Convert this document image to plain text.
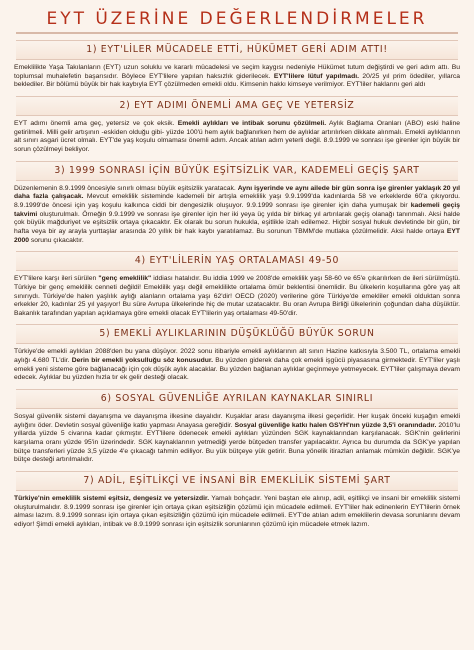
EYT ÜZERİNE DEĞERLENDİRMELER
1) EYT'LİLER MÜCADELE ETTİ, HÜKÜMET GERİ ADIM ATTI!
Emeklilikte Yaşa Takılanların (EYT) uzun soluklu ve kararlı mücadelesi ve seçim kaygısı nedeniyle Hükümet tutum değiştirdi ve geri adım attı. Bu toplumsal muhalefetin başarısıdır. Böylece EYT'lilere yapılan haksızlık giderilecek. EYT'lilere lütuf yapılmadı. 20/25 yıl prim ödediler, yıllarca beklediler. Bir bölümü büyük bir hak kaybıyla EYT çözülmeden emekli oldu. Kimsenin hakkı kimseye verilmiyor. EYT'liler haklarını geri aldı
2) EYT ADIMI ÖNEMLİ AMA GEÇ VE YETERSİZ
EYT adımı önemli ama geç, yetersiz ve çok eksik. Emekli aylıkları ve intibak sorunu çözülmeli. Aylık Bağlama Oranları (ABO) eski haline getirilmeli. Milli gelir artışının -eskiden olduğu gibi- yüzde 100'ü hem aylık bağlanırken hem de aylıklar artırılırken dikkate alınmalı. Emekli aylıklarının alt sınırı asgari ücret olmalı. EYT'de yaş koşulu olmaması önemli adım. Ancak atılan adım yeterli değil. 8.9.1999 ve sonrası işe girenler için büyük bir sorun çözülmeyi bekliyor.
3) 1999 SONRASI İÇİN BÜYÜK EŞİTSİZLİK VAR, KADEMELİ GEÇİŞ ŞART
Düzenlemenin 8.9.1999 öncesiyle sınırlı olması büyük eşitsizlik yaratacak. Aynı işyerinde ve aynı ailede bir gün sonra işe girenler yaklaşık 20 yıl daha fazla çalışacak. Mevcut emeklilik sisteminde kademeli bir artışla emeklilik yaşı 9.9.1999'da kadınlarda 58 ve erkeklerde 60'a çıkıyordu. 8.9.1999'de öncesi için yaş koşulu kalkınca ciddi bir dengesizlik oluşuyor. 9.9.1999 sonrası işe girenler için daha yumuşak bir kademeli geçiş takvimi oluşturulmalı. Örneğin 9.9.1999 ve sonrası işe girenler için her iki yeya üç yılda bir birkaç yıl artırılarak geçiş olanağı tanınmalı. Aksi halde çok büyük mağduriyet ve eşitsizlik ortaya çıkacaktır. Ek olarak bu sorun hukukla, eşitlikle izah edilemez. Hiçbir sosyal hukuk devletinde bir gün, bir hafta veya bir ay arayla yurttaşlar arasında 20 yıllık bir hak kaybı yaratılamaz. Bu sorunun TBMM'de mutlaka çözülmelidir. Aksi halde ortaya EYT 2000 sorunu çıkacaktır.
4) EYT'LİLERİN YAŞ ORTALAMASI 49-50
EYT'lilere karşı ileri sürülen "genç emeklilik" iddiası hatalıdır. Bu iddia 1999 ve 2008'de emeklilik yaşı 58-60 ve 65'e çıkarılırken de ileri sürülmüştü. Türkiye bir genç emeklilik cenneti değildi! Emeklilik yaşı değil emeklilikte ortalama ömür beklentisi önemlidir. Bu ülkelerin koşullarına göre yaş alt sınırıydı. Türkiye'de halen yaşlılık aylığı alanların ortalama yaşı 62'dir! OECD (2020) verilerine göre Türkiye'de emekliler emekli olduktan sonra erkekler 20, kadınlar 25 yıl yaşıyor! Bu süre Avrupa ülkelerinde hiç de mutar uzatacaktır. Bu oran Avrupa Birliği ülkelerinin çoğundan daha düşüktür. Bakanlık tarafından yapılan açıklamaya göre emekli olacak EYT'lilerin yaş ortalaması 49-50'dir.
5) EMEKLİ AYLIKLARININ DÜŞÜKLÜĞÜ BÜYÜK SORUN
Türkiye'de emekli aylıkları 2088'den bu yana düşüyor. 2022 sonu itibariyle emekli aylıklarının alt sınırı Hazine katkısıyla 3.500 TL, ortalama emekli aylığı 4.680 TL'dir. Derin bir emekli yoksulluğu söz konusudur. Bu yüzden giderek daha çok emekli işgücü piyasasına girmektedir. EYT'liler yaşlı emekli yeni sisteme göre bağlanacağı için çok düşük aylık alacaklar. Bu yüzden bağlanan aylıklar geçinmeye yetmeyecek. EYT'liler çalışmaya devam edecek. Aylıklar bu yüzden hızla tır ek gelir desteği olacak.
6) SOSYAL GÜVENLİĞE AYRILAN KAYNAKLAR SINIRLI
Sosyal güvenlik sistemi dayanışma ve dayanışma ilkesine dayalıdır. Kuşaklar arası dayanışma ilkesi geçerlidir. Her kuşak önceki kuşağın emekli aylığını öder. Devletin sosyal güvenliğe katkı yapması Anayasa gereğidir. Sosyal güvenliğe katkı halen GSYH'nın yüzde 3,5'i oranındadır. 2010'lu yıllarda yüzde 5 civarına kadar çıkmıştır. EYT'lilere ödenecek emekli aylıkları yüzünden SGK kaynaklarından karşılanacak. SGK'nin gelirlerini karşılama oranı yüzde 95'in üzerindedir. SGK kaynaklarının yetmediği yerde bütçeden transfer yapılacaktır. Ayrıca bu durumda da SGK'ye yapılan bütçe transferleri yüzde 3,5 yüzde 4'e çıkacağı tahmin ediliyor. Bu yük bütçeye yük getirir. Buna yönelik itirazları anlamak mümkün değildir. SGK'ye bütçe desteği artırılmalıdır.
7) ADİL, EŞİTLİKÇİ VE İNSANİ BİR EMEKLİLİK SİSTEMİ ŞART
Türkiye'nin emeklilik sistemi eşitsiz, dengesiz ve yetersizdir. Yamalı bohçadır. Yeni baştan ele alınıp, adil, eşitlikçi ve insani bir emeklilik sistemi oluşturulmalıdır. 8.9.1999 sonrası işe girenler için ortaya çıkan eşitsizliğin çözümü için mücadele edilmeli. EYT'liler hak edinenlerin EYT'lilerin örnek alması lazım. 8.9.1999 sonrası için ortaya çıkan eşitsizliğin çözümü için mücadele edilmeli. EYT'de atılan adım emeklilerin devasa sorunlarını devam ediyor! Şimdi emekli aylıkları, intibak ve 8.9.1999 sonrası için eşitsizlik sorunlarının çözümü için mücadele etmek lazım.
